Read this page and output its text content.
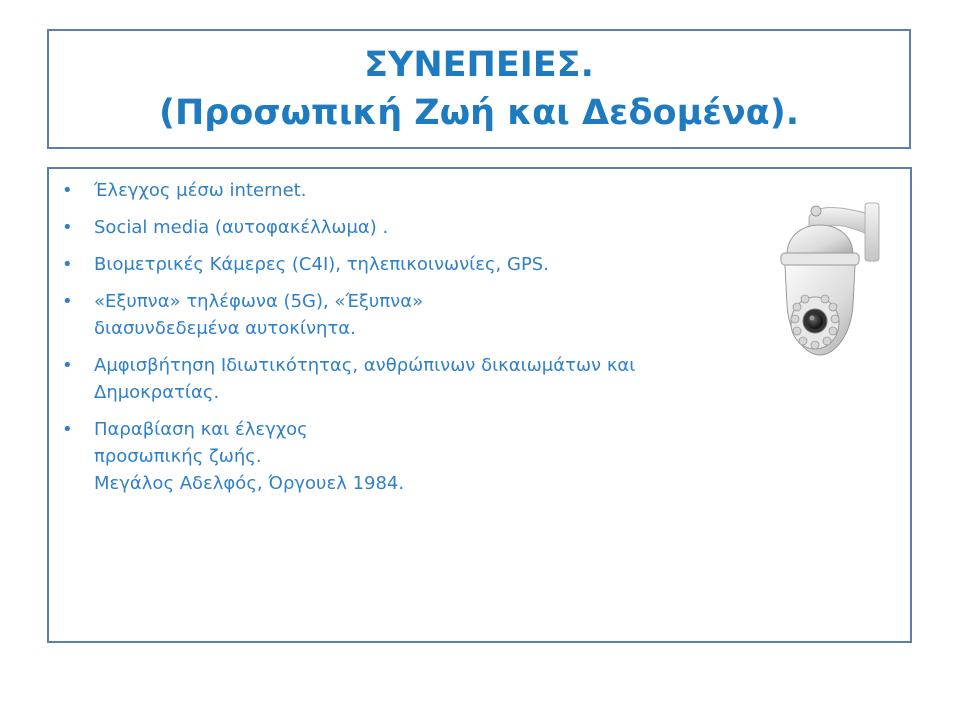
ΣΥΝΕΠΕΙΕΣ.
(Προσωπική Ζωή και Δεδομένα).
• Έλεγχος μέσω internet.
• Social media (αυτοφακέλλωμα) .
• Βιομετρικές Κάμερες (C4I), τηλεπικοινωνίες, GPS.
• «Εξυπνα» τηλέφωνα (5G), «Έξυπνα»
διασυνδεδεμένα αυτοκίνητα.
• Αμφισβήτηση Ιδιωτικότητας, ανθρώπινων δικαιωμάτων και
Δημοκρατίας.
• Παραβίαση και έλεγχος
προσωπικής ζωής.
Μεγάλος Αδελφός, Όργουελ 1984.
